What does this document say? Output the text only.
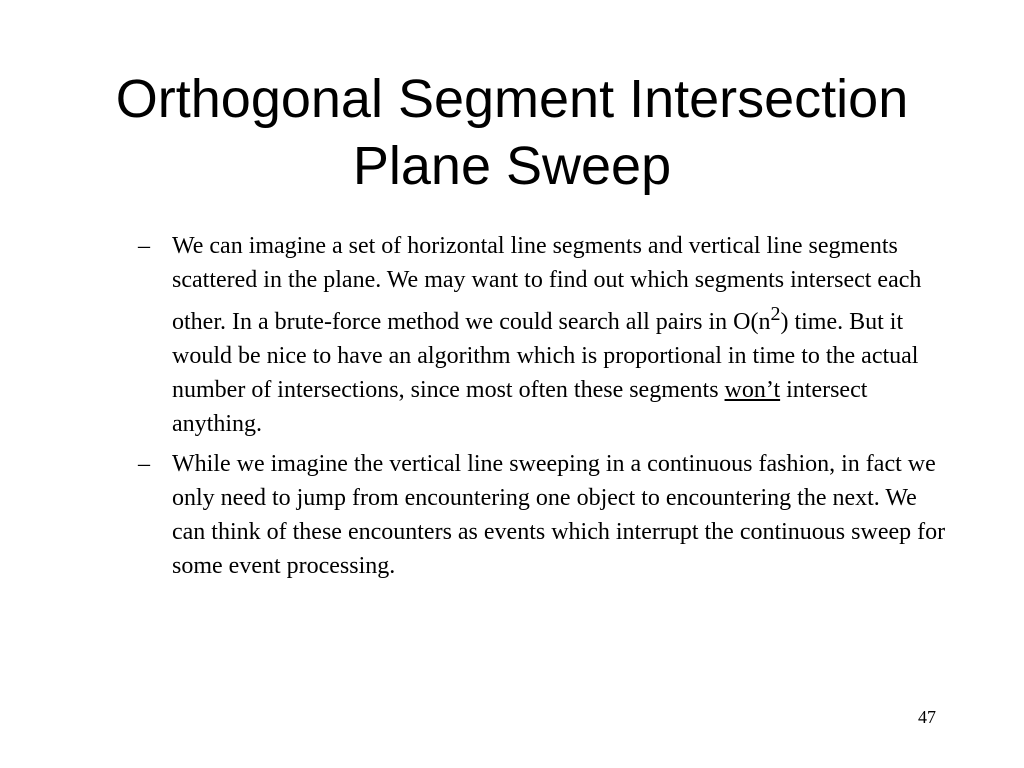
Orthogonal Segment Intersection
Plane Sweep
– We can imagine a set of horizontal line segments and vertical line segments scattered in the plane. We may want to find out which segments intersect each other. In a brute-force method we could search all pairs in $O(n^2)$ time. But it would be nice to have an algorithm which is proportional in time to the actual number of intersections, since most often these segments won’t intersect anything.
– While we imagine the vertical line sweeping in a continuous fashion, in fact we only need to jump from encountering one object to encountering the next. We can think of these encounters as events which interrupt the continuous sweep for some event processing.
47
